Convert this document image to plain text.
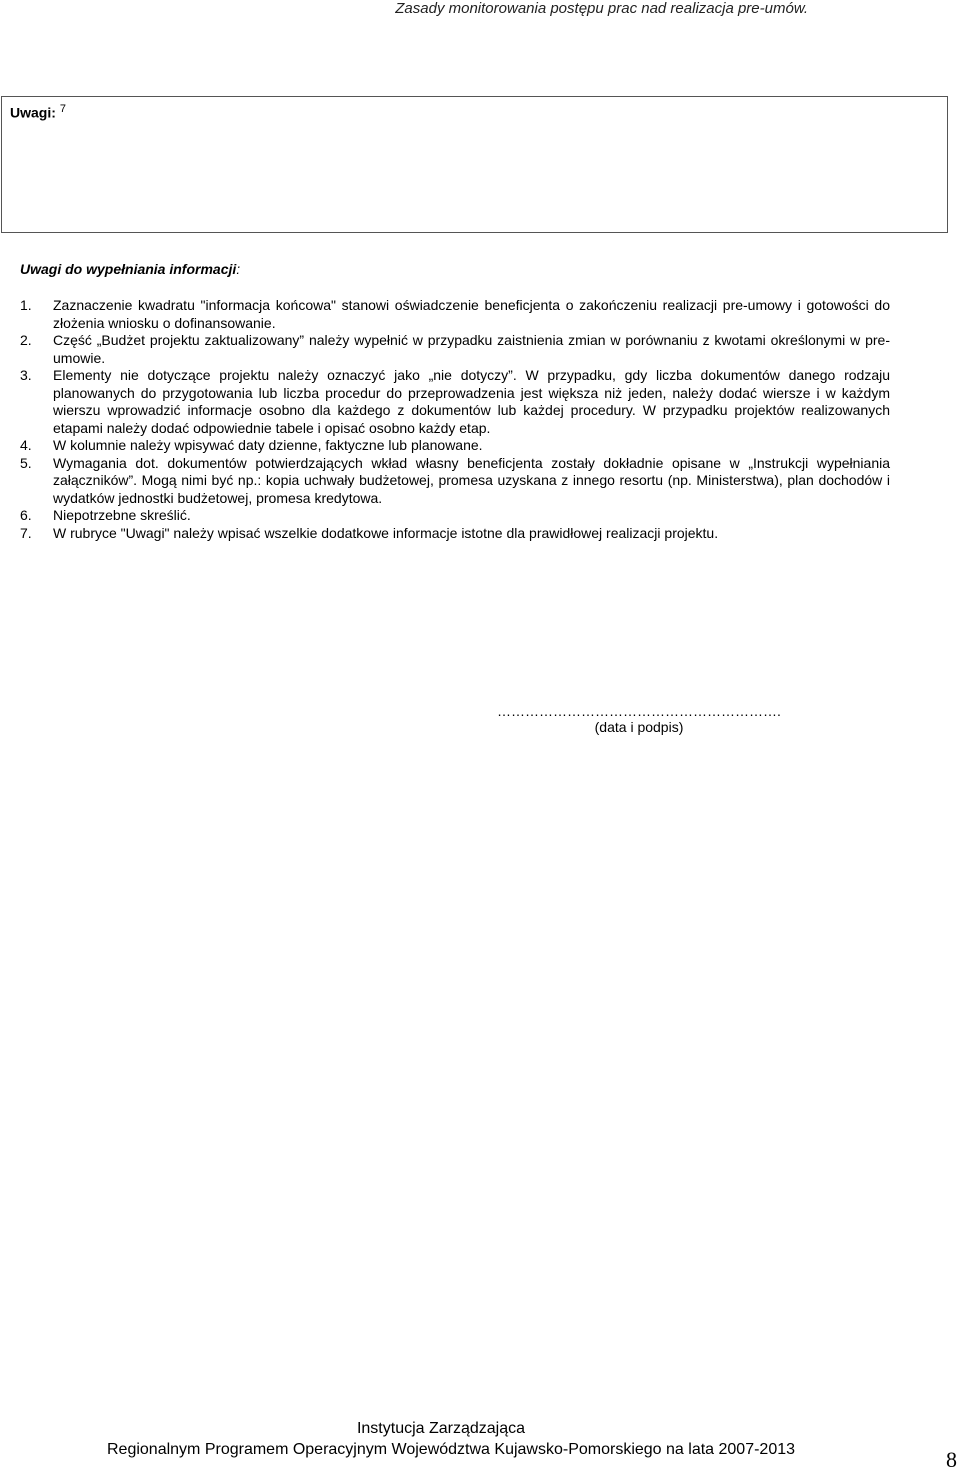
Zasady monitorowania postępu prac nad realizacja pre-umów.
Uwagi: $^7$
Uwagi do wypełniania informacji:
1.	Zaznaczenie kwadratu "informacja końcowa" stanowi oświadczenie beneficjenta o zakończeniu realizacji pre-umowy i gotowości do złożenia wniosku o dofinansowanie.
2.	Część „Budżet projektu zaktualizowany” należy wypełnić w przypadku zaistnienia zmian w porównaniu z kwotami określonymi w pre-umowie.
3.	Elementy nie dotyczące projektu należy oznaczyć jako „nie dotyczy”. W przypadku, gdy liczba dokumentów danego rodzaju planowanych do przygotowania lub liczba procedur do przeprowadzenia jest większa niż jeden, należy dodać wiersze i w każdym wierszu wprowadzić informacje osobno dla każdego z dokumentów lub każdej procedury. W przypadku projektów realizowanych etapami należy dodać odpowiednie tabele i opisać osobno każdy etap.
4.	W kolumnie należy wpisywać daty dzienne, faktyczne lub planowane.
5.	Wymagania dot. dokumentów potwierdzających wkład własny beneficjenta zostały dokładnie opisane w „Instrukcji wypełniania załączników”. Mogą nimi być np.: kopia uchwały budżetowej, promesa uzyskana z innego resortu (np. Ministerstwa), plan dochodów i wydatków jednostki budżetowej, promesa kredytowa.
6.	Niepotrzebne skreślić.
7.	W rubryce "Uwagi" należy wpisać wszelkie dodatkowe informacje istotne dla prawidłowej realizacji projektu.
…………………………………………………….
(data i podpis)
Instytucja Zarządzająca
Regionalnym Programem Operacyjnym Województwa Kujawsko-Pomorskiego na lata 2007-2013	8
